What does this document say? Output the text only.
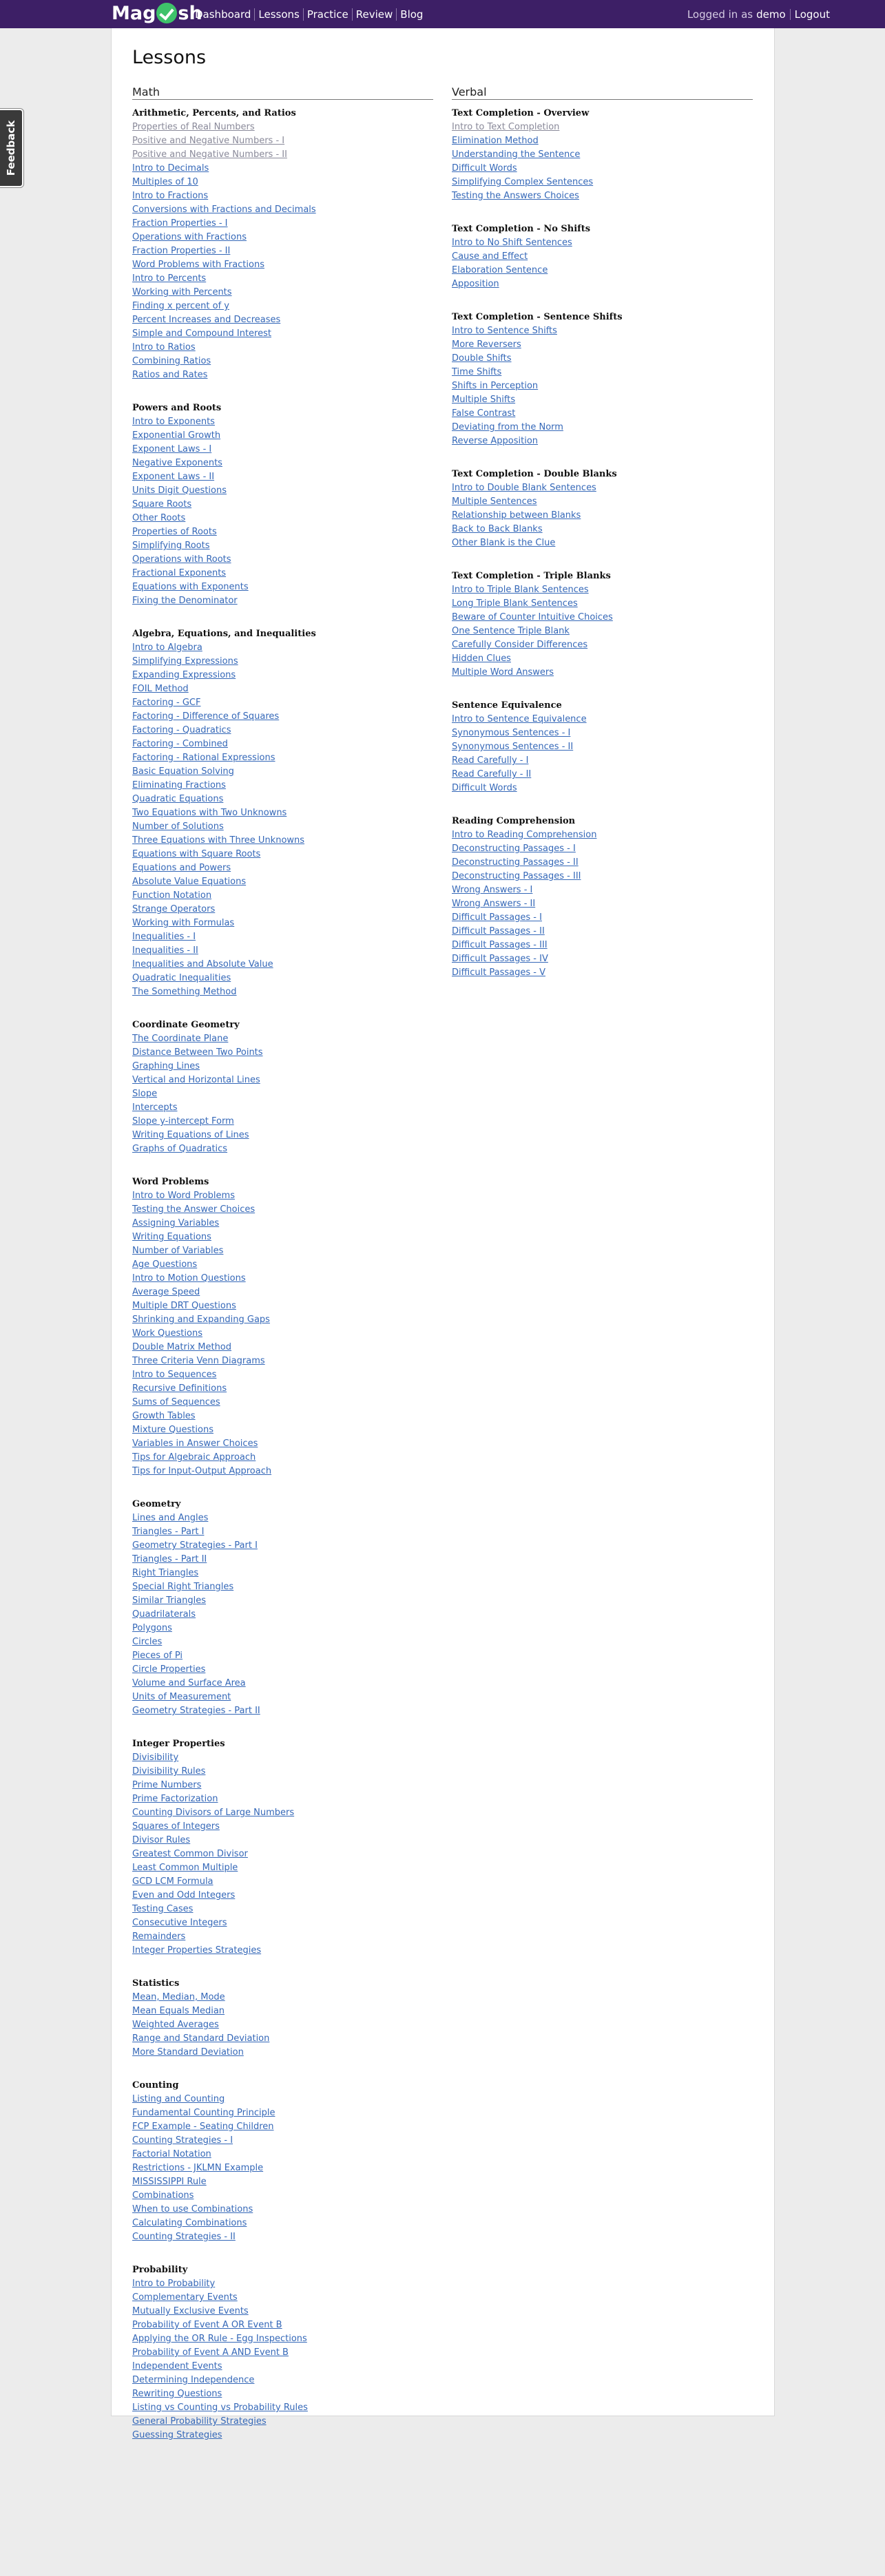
Mag sh
Dashboard Lessons Practice Review Blog	Logged in as demo Logout
Feedback
Lessons
Math
Arithmetic, Percents, and Ratios
Properties of Real Numbers
Positive and Negative Numbers - I
Positive and Negative Numbers - II
Intro to Decimals
Multiples of 10
Intro to Fractions
Conversions with Fractions and Decimals
Fraction Properties - I
Operations with Fractions
Fraction Properties - II
Word Problems with Fractions
Intro to Percents
Working with Percents
Finding x percent of y
Percent Increases and Decreases
Simple and Compound Interest
Intro to Ratios
Combining Ratios
Ratios and Rates
Powers and Roots
Intro to Exponents
Exponential Growth
Exponent Laws - I
Negative Exponents
Exponent Laws - II
Units Digit Questions
Square Roots
Other Roots
Properties of Roots
Simplifying Roots
Operations with Roots
Fractional Exponents
Equations with Exponents
Fixing the Denominator
Algebra, Equations, and Inequalities
Intro to Algebra
Simplifying Expressions
Expanding Expressions
FOIL Method
Factoring - GCF
Factoring - Difference of Squares
Factoring - Quadratics
Factoring - Combined
Factoring - Rational Expressions
Basic Equation Solving
Eliminating Fractions
Quadratic Equations
Two Equations with Two Unknowns
Number of Solutions
Three Equations with Three Unknowns
Equations with Square Roots
Equations and Powers
Absolute Value Equations
Function Notation
Strange Operators
Working with Formulas
Inequalities - I
Inequalities - II
Inequalities and Absolute Value
Quadratic Inequalities
The Something Method
Coordinate Geometry
The Coordinate Plane
Distance Between Two Points
Graphing Lines
Vertical and Horizontal Lines
Slope
Intercepts
Slope y-intercept Form
Writing Equations of Lines
Graphs of Quadratics
Word Problems
Intro to Word Problems
Testing the Answer Choices
Assigning Variables
Writing Equations
Number of Variables
Age Questions
Intro to Motion Questions
Average Speed
Multiple DRT Questions
Shrinking and Expanding Gaps
Work Questions
Double Matrix Method
Three Criteria Venn Diagrams
Intro to Sequences
Recursive Definitions
Sums of Sequences
Growth Tables
Mixture Questions
Variables in Answer Choices
Tips for Algebraic Approach
Tips for Input-Output Approach
Geometry
Lines and Angles
Triangles - Part I
Geometry Strategies - Part I
Triangles - Part II
Right Triangles
Special Right Triangles
Similar Triangles
Quadrilaterals
Polygons
Circles
Pieces of Pi
Circle Properties
Volume and Surface Area
Units of Measurement
Geometry Strategies - Part II
Integer Properties
Divisibility
Divisibility Rules
Prime Numbers
Prime Factorization
Counting Divisors of Large Numbers
Squares of Integers
Divisor Rules
Greatest Common Divisor
Least Common Multiple
GCD LCM Formula
Even and Odd Integers
Testing Cases
Consecutive Integers
Remainders
Integer Properties Strategies
Statistics
Mean, Median, Mode
Mean Equals Median
Weighted Averages
Range and Standard Deviation
More Standard Deviation
Counting
Listing and Counting
Fundamental Counting Principle
FCP Example - Seating Children
Counting Strategies - I
Factorial Notation
Restrictions - JKLMN Example
MISSISSIPPI Rule
Combinations
When to use Combinations
Calculating Combinations
Counting Strategies - II
Probability
Intro to Probability
Complementary Events
Mutually Exclusive Events
Probability of Event A OR Event B
Applying the OR Rule - Egg Inspections
Probability of Event A AND Event B
Independent Events
Determining Independence
Rewriting Questions
Listing vs Counting vs Probability Rules
General Probability Strategies
Guessing Strategies
Verbal
Text Completion - Overview
Intro to Text Completion
Elimination Method
Understanding the Sentence
Difficult Words
Simplifying Complex Sentences
Testing the Answers Choices
Text Completion - No Shifts
Intro to No Shift Sentences
Cause and Effect
Elaboration Sentence
Apposition
Text Completion - Sentence Shifts
Intro to Sentence Shifts
More Reversers
Double Shifts
Time Shifts
Shifts in Perception
Multiple Shifts
False Contrast
Deviating from the Norm
Reverse Apposition
Text Completion - Double Blanks
Intro to Double Blank Sentences
Multiple Sentences
Relationship between Blanks
Back to Back Blanks
Other Blank is the Clue
Text Completion - Triple Blanks
Intro to Triple Blank Sentences
Long Triple Blank Sentences
Beware of Counter Intuitive Choices
One Sentence Triple Blank
Carefully Consider Differences
Hidden Clues
Multiple Word Answers
Sentence Equivalence
Intro to Sentence Equivalence
Synonymous Sentences - I
Synonymous Sentences - II
Read Carefully - I
Read Carefully - II
Difficult Words
Reading Comprehension
Intro to Reading Comprehension
Deconstructing Passages - I
Deconstructing Passages - II
Deconstructing Passages - III
Wrong Answers - I
Wrong Answers - II
Difficult Passages - I
Difficult Passages - II
Difficult Passages - III
Difficult Passages - IV
Difficult Passages - V
